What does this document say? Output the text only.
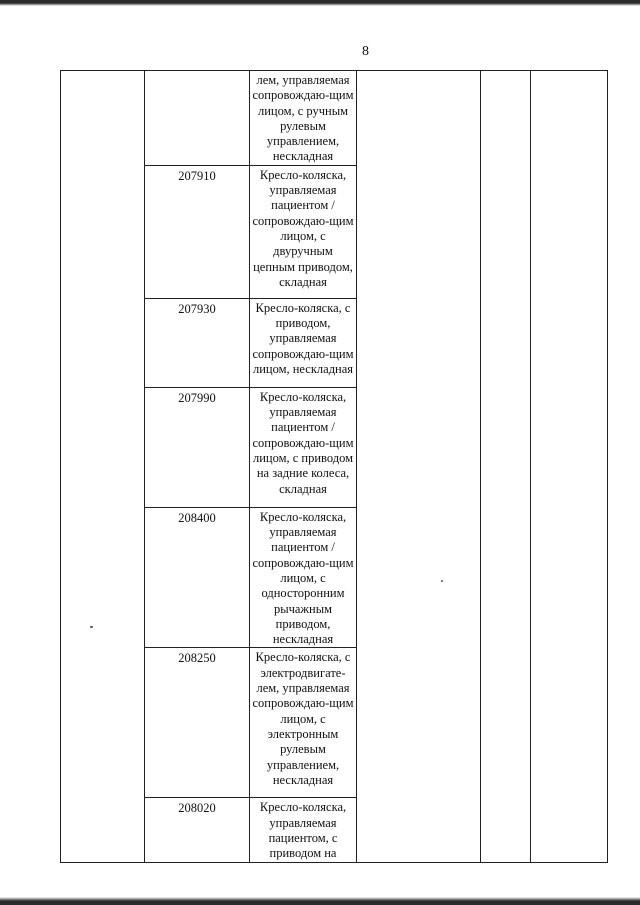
8
		лем, управляемая сопровождаю-щим лицом, с ручным рулевым управлением, нескладная			
	207910	Кресло-коляска, управляемая пациентом /сопровождаю-щим лицом, с двуручным цепным приводом, складная			
	207930	Кресло-коляска, с приводом, управляемая сопровождаю-щим лицом, нескладная			
	207990	Кресло-коляска, управляемая пациентом /сопровождаю-щим лицом, с приводом на задние колеса, складная			
	208400	Кресло-коляска, управляемая пациентом /сопровождаю-щим лицом, с односторонним рычажным приводом, нескладная			
	208250	Кресло-коляска, с электродвигате-лем, управляемая сопровождаю-щим лицом, с электронным рулевым управлением, нескладная			
	208020	Кресло-коляска, управляемая пациентом, с приводом на			
